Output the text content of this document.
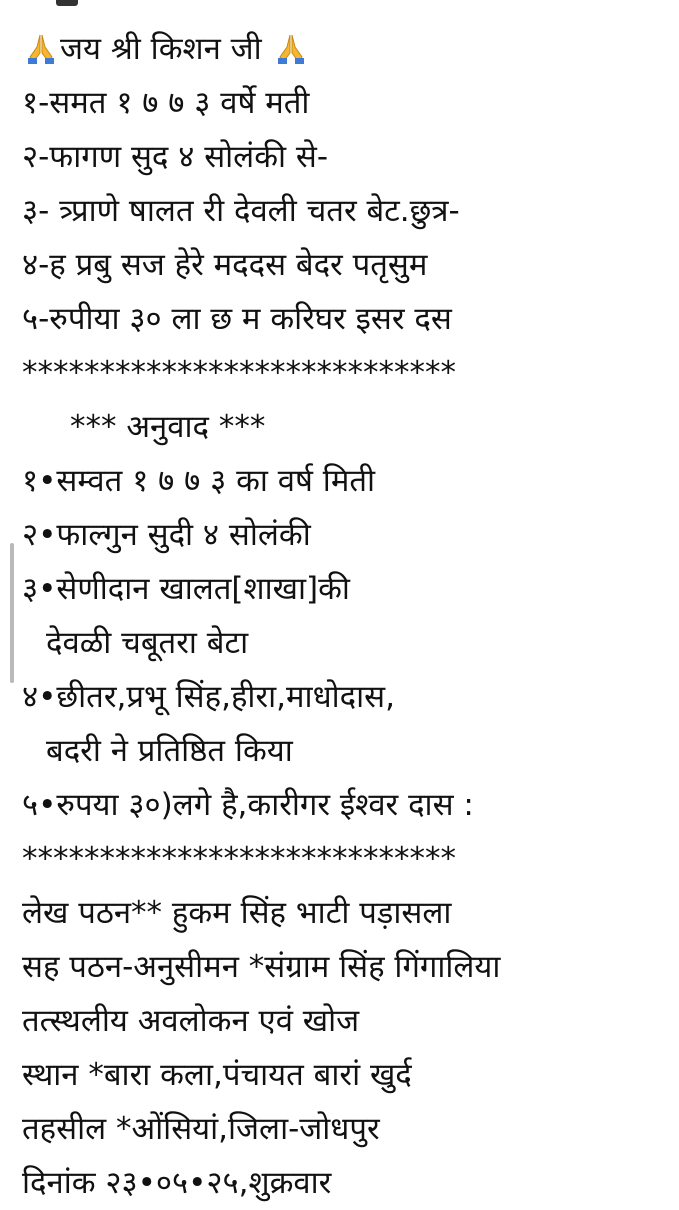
जय श्री किशन जी
१-समत १ ७ ७ ३ वर्षे मती
२-फागण सुद ४ सोलंकी से-
३- त्र्प्राणे षालत री देवली चतर बेट.छुत्र-
४-ह प्रबु सज हेरे मददस बेदर पतृसुम
५-रुपीया ३० ला छ म करिघर इसर दस
****************************
*** अनुवाद ***
१•सम्वत १ ७ ७ ३ का वर्ष मिती
२•फाल्गुन सुदी ४ सोलंकी
३•सेणीदान खालत[शाखा]की
देवळी चबूतरा बेटा
४•छीतर,प्रभू सिंह,हीरा,माधोदास,
बदरी ने प्रतिष्ठित किया
५•रुपया ३०)लगे है,कारीगर ईश्वर दास :
****************************
लेख पठन** हुकम सिंह भाटी पड़ासला
सह पठन-अनुसीमन *संग्राम सिंह गिंगालिया
तत्स्थलीय अवलोकन एवं खोज
स्थान *बारा कला,पंचायत बारां खुर्द
तहसील *ओंसियां,जिला-जोधपुर
दिनांक २३•०५•२५,शुक्रवार
